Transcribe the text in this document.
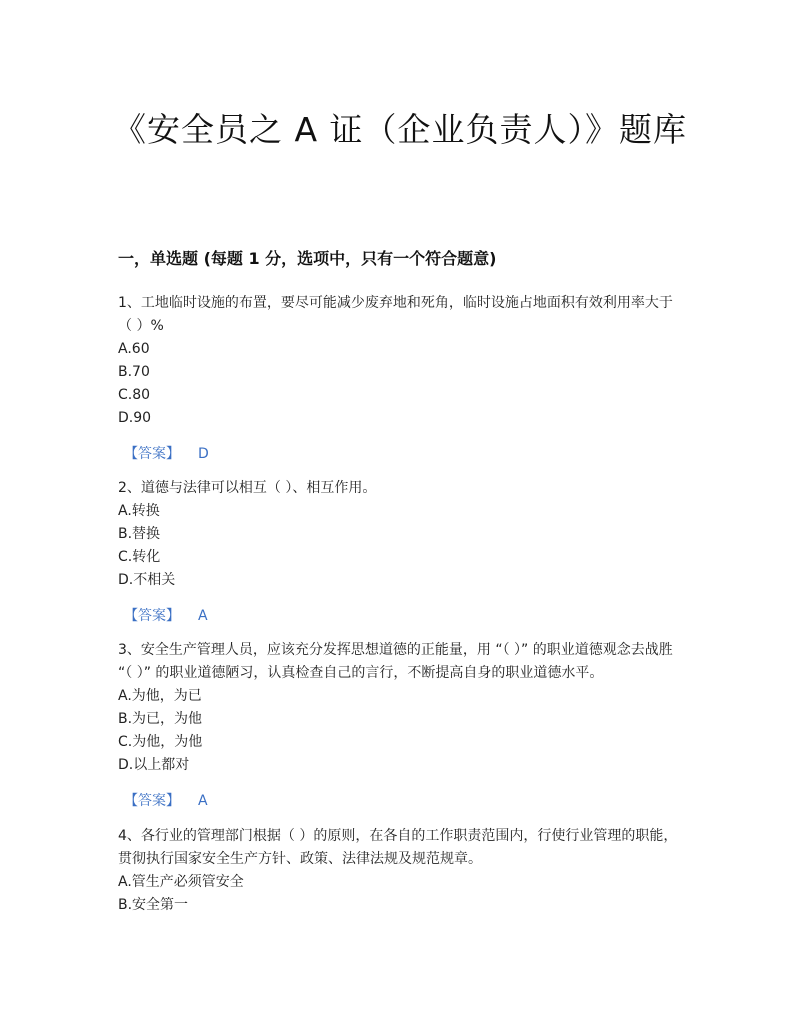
《安全员之 A 证（企业负责人）》题库
一，单选题 (每题 1 分，选项中，只有一个符合题意)

1、工地临时设施的布置，要尽可能减少废弃地和死角，临时设施占地面积有效利用率大于（ ）%

A.60

B.70

C.80

D.90

【答案】 D

2、道德与法律可以相互（ ）、相互作用。

A.转换

B.替换

C.转化

D.不相关

【答案】 A

3、安全生产管理人员，应该充分发挥思想道德的正能量，用 “（ ）” 的职业道德观念去战胜 “（ ）” 的职业道德陋习，认真检查自己的言行，不断提高自身的职业道德水平。

A.为他，为已

B.为已，为他

C.为他，为他

D.以上都对

【答案】 A

4、各行业的管理部门根据（ ）的原则，在各自的工作职责范围内，行使行业管理的职能，贯彻执行国家安全生产方针、政策、法律法规及规范规章。

A.管生产必须管安全

B.安全第一
